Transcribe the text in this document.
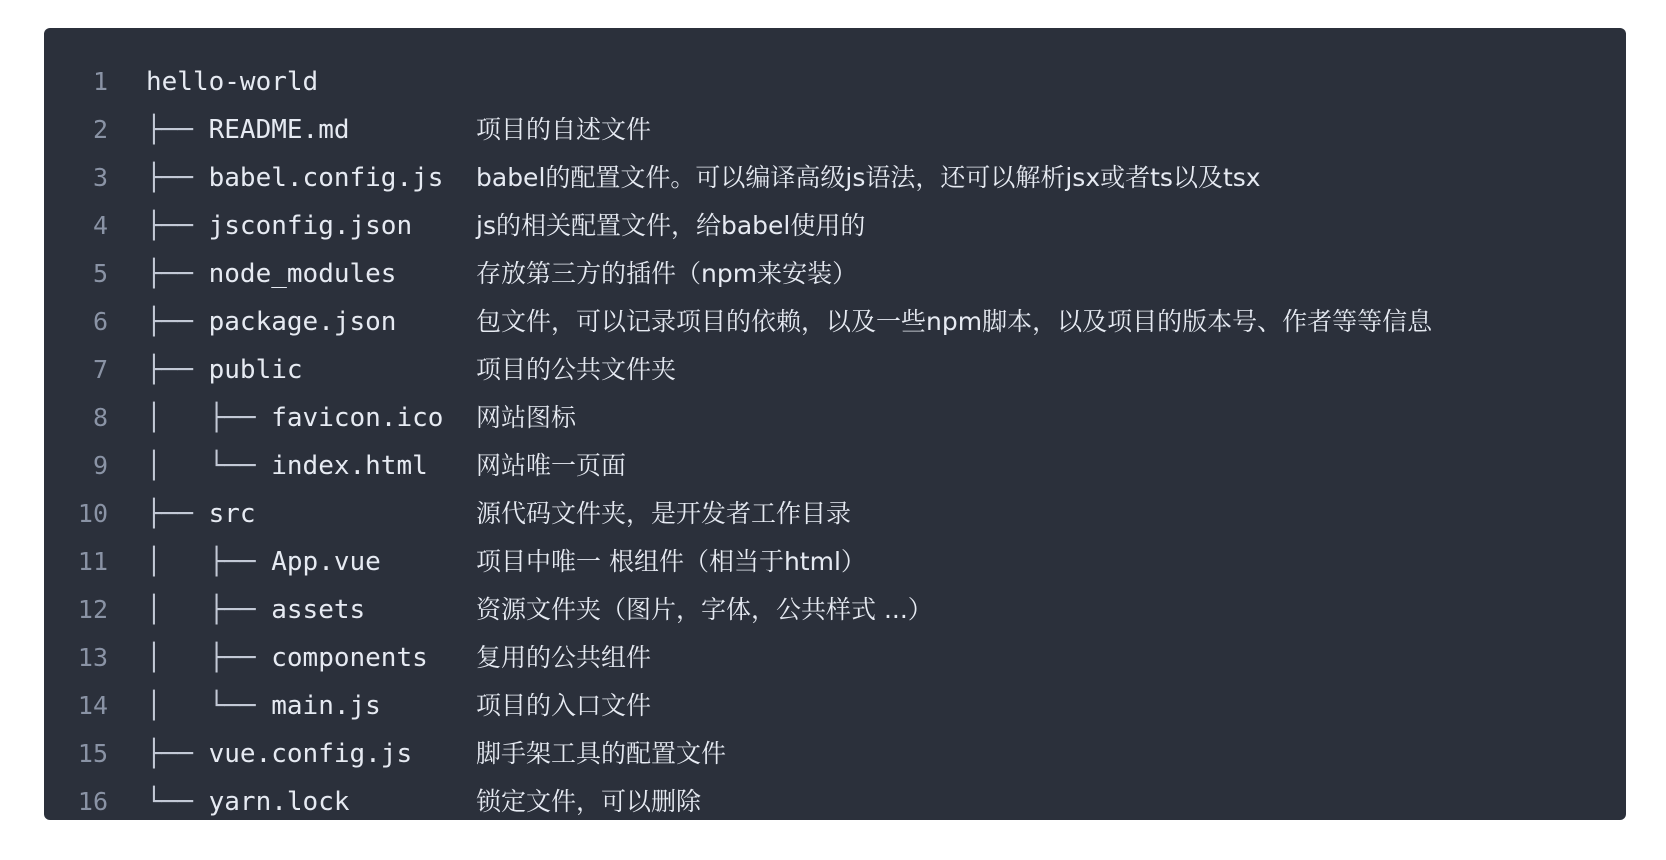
1	hello-world
2	├── README.md	项目的自述文件
3	├── babel.config.js	babel的配置文件。可以编译高级js语法，还可以解析jsx或者ts以及tsx
4	├── jsconfig.json	js的相关配置文件，给babel使用的
5	├── node_modules	存放第三方的插件（npm来安装）
6	├── package.json	包文件，可以记录项目的依赖，以及一些npm脚本，以及项目的版本号、作者等等信息
7	├── public	项目的公共文件夹
8	│   ├── favicon.ico	网站图标
9	│   └── index.html	网站唯一页面
10	├── src	源代码文件夹，是开发者工作目录
11	│   ├── App.vue	项目中唯一 根组件（相当于html）
12	│   ├── assets	资源文件夹（图片，字体，公共样式 ...）
13	│   ├── components	复用的公共组件
14	│   └── main.js	项目的入口文件
15	├── vue.config.js	脚手架工具的配置文件
16	└── yarn.lock	锁定文件，可以删除
